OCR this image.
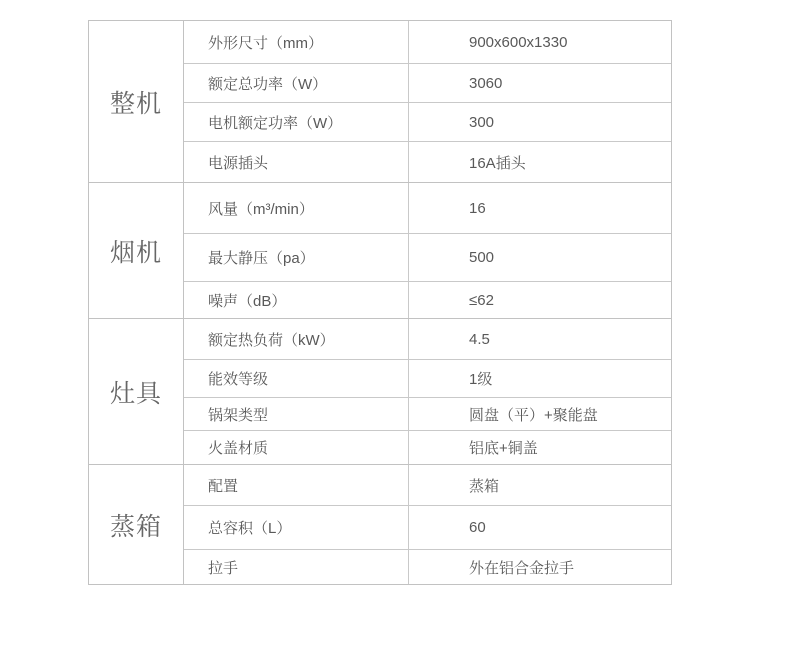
整机
外形尺寸（mm）	900x600x1330
额定总功率（W）	3060
电机额定功率（W）	300
电源插头	16A插头
烟机
风量（m³/min）	16
最大静压（pa）	500
噪声（dB）	≤62
灶具
额定热负荷（kW）	4.5
能效等级	1级
锅架类型	圆盘（平）+聚能盘
火盖材质	铝底+铜盖
蒸箱
配置	蒸箱
总容积（L）	60
拉手	外在铝合金拉手
